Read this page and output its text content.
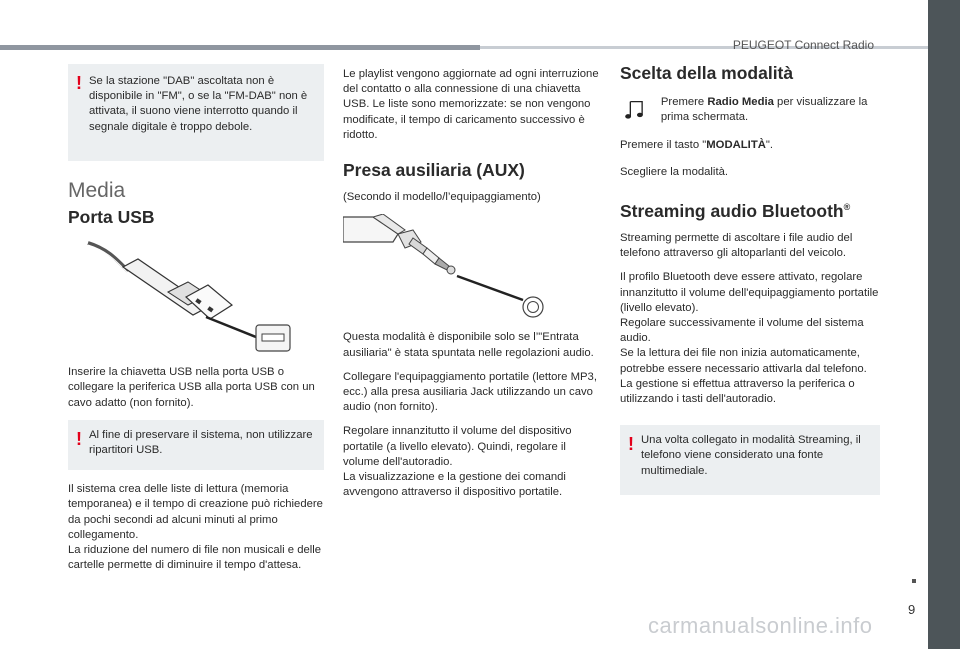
PEUGEOT Connect Radio
9
! Se la stazione "DAB" ascoltata non è disponibile in "FM", o se la "FM-DAB" non è attivata, il suono viene interrotto quando il segnale digitale è troppo debole.
Media
Porta USB

Inserire la chiavetta USB nella porta USB o collegare la periferica USB alla porta USB con un cavo adatto (non fornito).

! Al fine di preservare il sistema, non utilizzare ripartitori USB.

Il sistema crea delle liste di lettura (memoria temporanea) e il tempo di creazione può richiedere da pochi secondi ad alcuni minuti al primo collegamento.
La riduzione del numero di file non musicali e delle cartelle permette di diminuire il tempo d'attesa.

Le playlist vengono aggiornate ad ogni interruzione del contatto o alla connessione di una chiavetta USB. Le liste sono memorizzate: se non vengono modificate, il tempo di caricamento successivo è ridotto.

Presa ausiliaria (AUX)

(Secondo il modello/l’equipaggiamento)

Questa modalità è disponibile solo se l’"Entrata ausiliaria" è stata spuntata nelle regolazioni audio.

Collegare l'equipaggiamento portatile (lettore MP3, ecc.) alla presa ausiliaria Jack utilizzando un cavo audio (non fornito).

Regolare innanzitutto il volume del dispositivo portatile (a livello elevato). Quindi, regolare il volume dell'autoradio.
La visualizzazione e la gestione dei comandi avvengono attraverso il dispositivo portatile.

Scelta della modalità
Premere Radio Media per visualizzare la prima schermata.

Premere il tasto "MODALITÀ".

Scegliere la modalità.

Streaming audio Bluetooth®

Streaming permette di ascoltare i file audio del telefono attraverso gli altoparlanti del veicolo.

Il profilo Bluetooth deve essere attivato, regolare innanzitutto il volume dell'equipaggiamento portatile (livello elevato).
Regolare successivamente il volume del sistema audio.
Se la lettura dei file non inizia automaticamente, potrebbe essere necessario attivarla dal telefono.
La gestione si effettua attraverso la periferica o utilizzando i tasti dell'autoradio.

! Una volta collegato in modalità Streaming, il telefono viene considerato una fonte multimediale.
carmanualsonline.info
